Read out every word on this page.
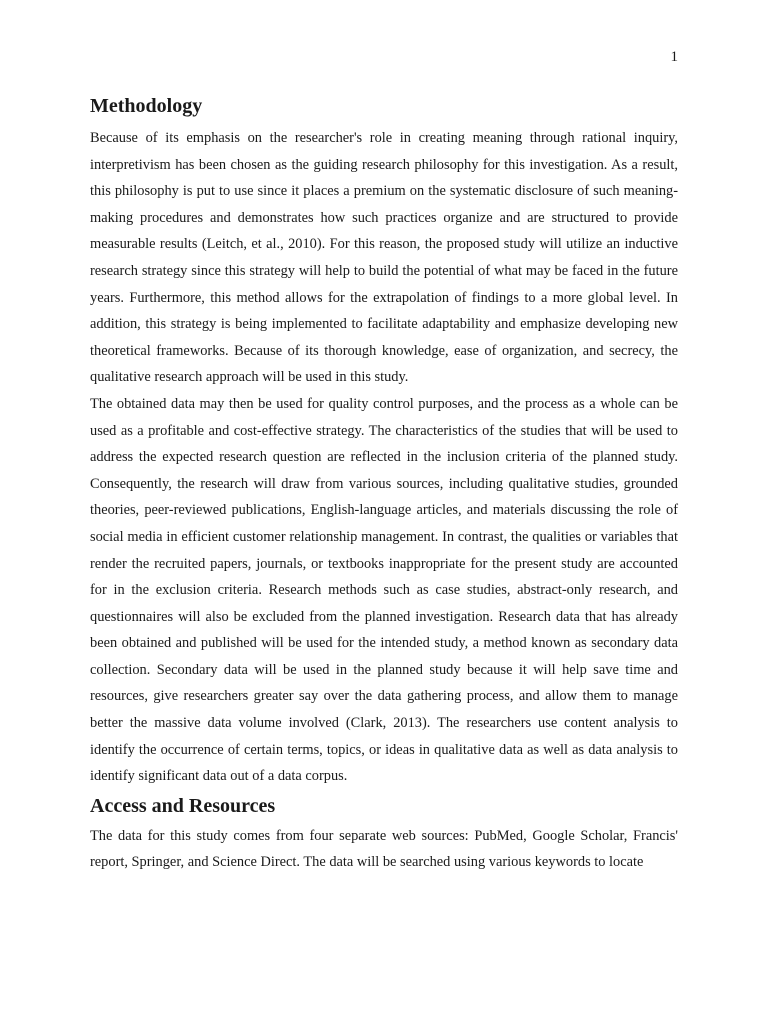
1
Methodology

Because of its emphasis on the researcher's role in creating meaning through rational inquiry, interpretivism has been chosen as the guiding research philosophy for this investigation. As a result, this philosophy is put to use since it places a premium on the systematic disclosure of such meaning-making procedures and demonstrates how such practices organize and are structured to provide measurable results (Leitch, et al., 2010). For this reason, the proposed study will utilize an inductive research strategy since this strategy will help to build the potential of what may be faced in the future years. Furthermore, this method allows for the extrapolation of findings to a more global level. In addition, this strategy is being implemented to facilitate adaptability and emphasize developing new theoretical frameworks. Because of its thorough knowledge, ease of organization, and secrecy, the qualitative research approach will be used in this study.

The obtained data may then be used for quality control purposes, and the process as a whole can be used as a profitable and cost-effective strategy. The characteristics of the studies that will be used to address the expected research question are reflected in the inclusion criteria of the planned study. Consequently, the research will draw from various sources, including qualitative studies, grounded theories, peer-reviewed publications, English-language articles, and materials discussing the role of social media in efficient customer relationship management. In contrast, the qualities or variables that render the recruited papers, journals, or textbooks inappropriate for the present study are accounted for in the exclusion criteria. Research methods such as case studies, abstract-only research, and questionnaires will also be excluded from the planned investigation. Research data that has already been obtained and published will be used for the intended study, a method known as secondary data collection. Secondary data will be used in the planned study because it will help save time and resources, give researchers greater say over the data gathering process, and allow them to manage better the massive data volume involved (Clark, 2013). The researchers use content analysis to identify the occurrence of certain terms, topics, or ideas in qualitative data as well as data analysis to identify significant data out of a data corpus.

Access and Resources

The data for this study comes from four separate web sources: PubMed, Google Scholar, Francis' report, Springer, and Science Direct. The data will be searched using various keywords to locate
